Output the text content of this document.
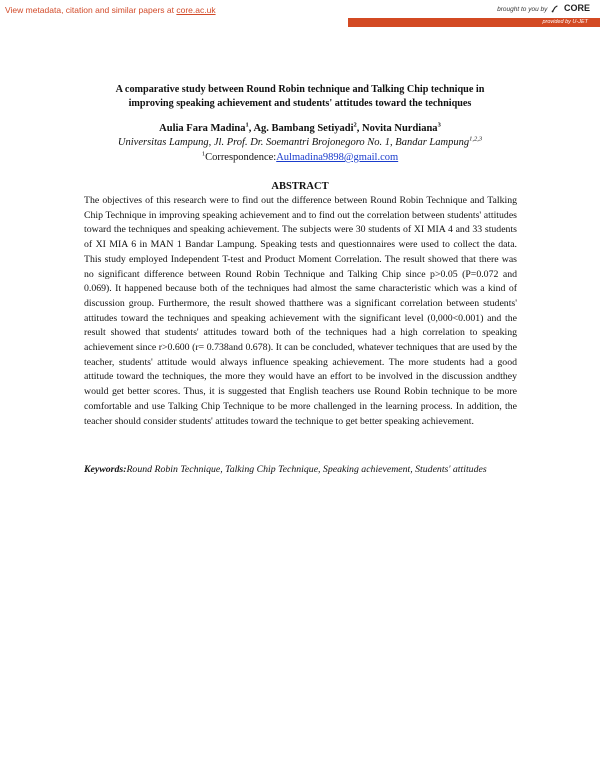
View metadata, citation and similar papers at core.ac.uk	brought to you by CORE
provided by U-JET
A comparative study between Round Robin technique and Talking Chip technique in
improving speaking achievement and students' attitudes toward the techniques
Aulia Fara Madina$^1$, Ag. Bambang Setiyadi$^2$, Novita Nurdiana$^3$
Universitas Lampung, Jl. Prof. Dr. Soemantri Brojonegoro No. 1, Bandar Lampung$^{1,2,3}$
$^1$Correspondence:Aulmadina9898@gmail.com
ABSTRACT

The objectives of this research were to find out the difference between Round Robin Technique and Talking Chip Technique in improving speaking achievement and to find out the correlation between students' attitudes toward the techniques and speaking achievement. The subjects were 30 students of XI MIA 4 and 33 students of XI MIA 6 in MAN 1 Bandar Lampung. Speaking tests and questionnaires were used to collect the data. This study employed Independent T-test and Product Moment Correlation. The result showed that there was no significant difference between Round Robin Technique and Talking Chip since p>0.05 (P=0.072 and 0.069). It happened because both of the techniques had almost the same characteristic which was a kind of discussion group. Furthermore, the result showed thatthere was a significant correlation between students' attitudes toward the techniques and speaking achievement with the significant level (0,000<0.001) and the result showed that students' attitudes toward both of the techniques had a high correlation to speaking achievement since r>0.600 (r= 0.738and 0.678). It can be concluded, whatever techniques that are used by the teacher, students' attitude would always influence speaking achievement. The more students had a good attitude toward the techniques, the more they would have an effort to be involved in the discussion andthey would get better scores. Thus, it is suggested that English teachers use Round Robin technique to be more comfortable and use Talking Chip Technique to be more challenged in the learning process. In addition, the teacher should consider students' attitudes toward the technique to get better speaking achievement.

Keywords:Round Robin Technique, Talking Chip Technique, Speaking achievement, Students' attitudes
